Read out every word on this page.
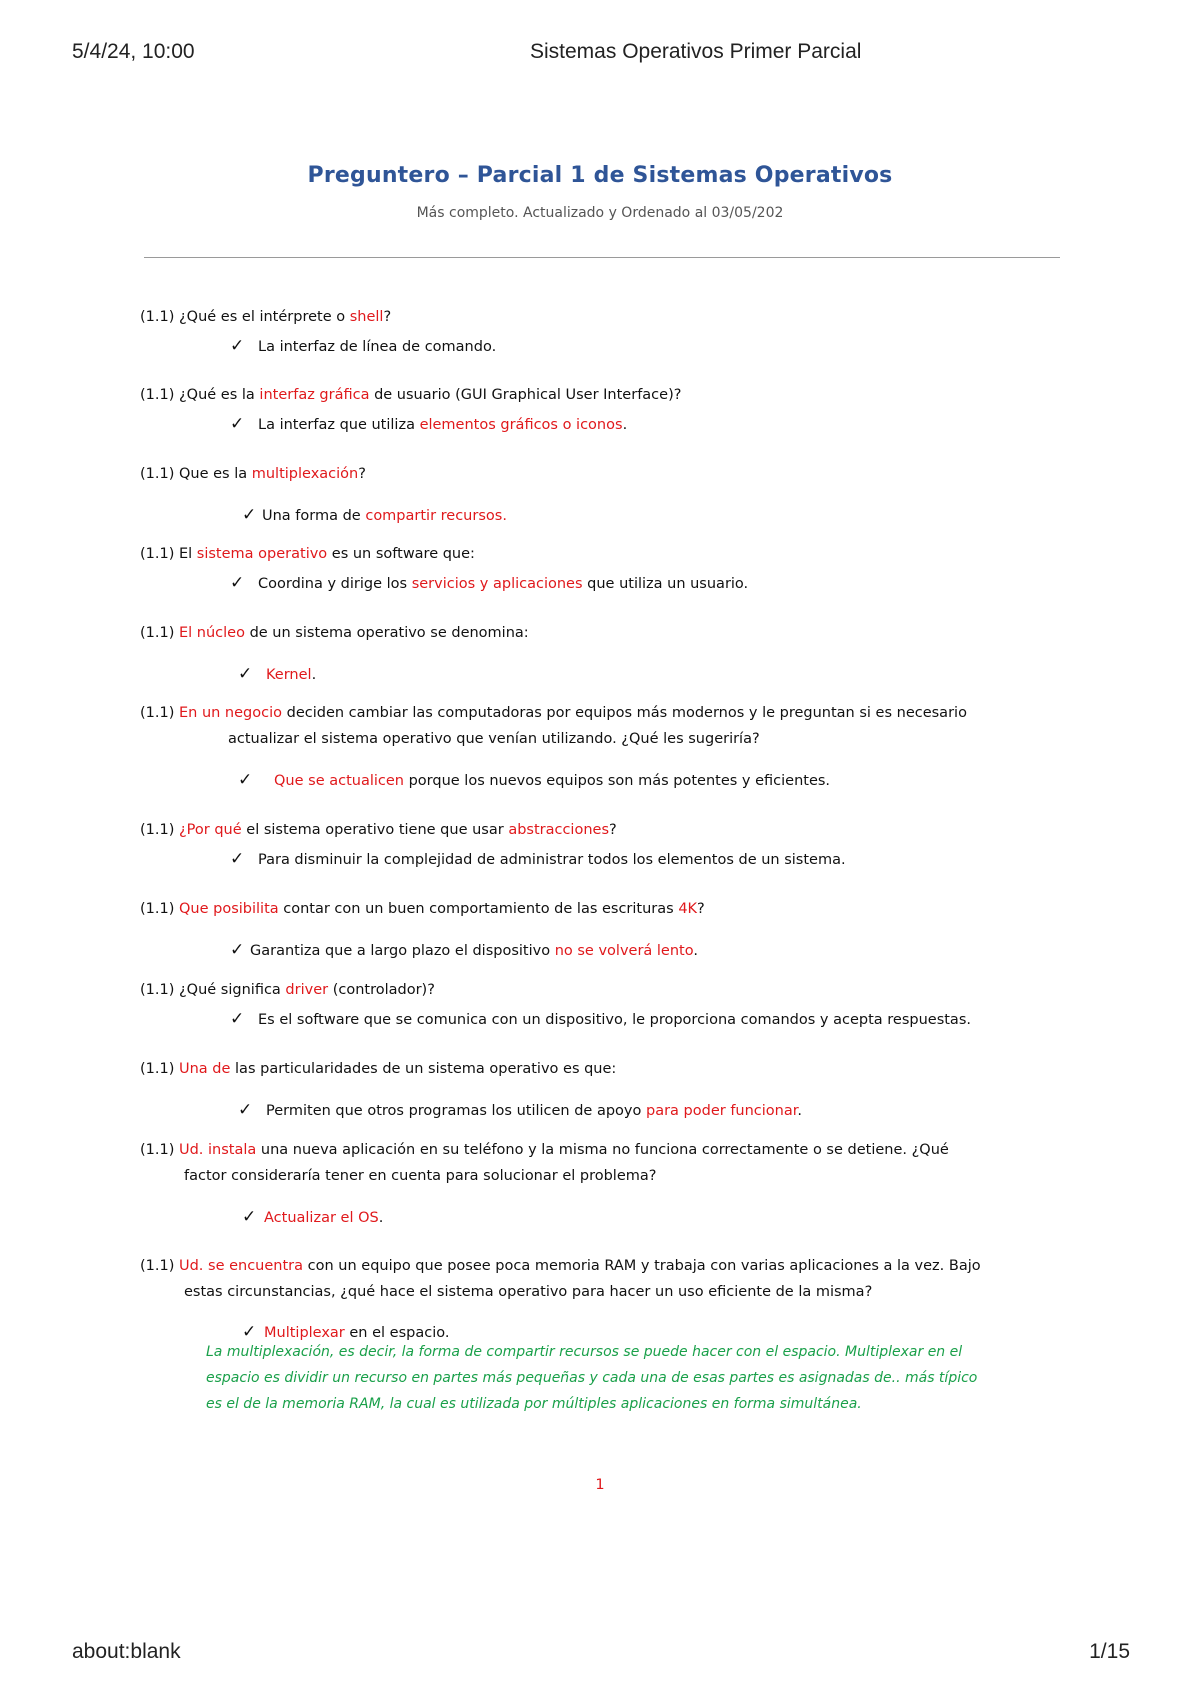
5/4/24, 10:00	Sistemas Operativos Primer Parcial
Preguntero – Parcial 1 de Sistemas Operativos
Más completo. Actualizado y Ordenado al 03/05/202
(1.1) ¿Qué es el intérprete o shell?
✓ La interfaz de línea de comando.
(1.1) ¿Qué es la interfaz gráfica de usuario (GUI Graphical User Interface)?
✓ La interfaz que utiliza elementos gráficos o iconos.
(1.1) Que es la multiplexación?
✓ Una forma de compartir recursos.
(1.1) El sistema operativo es un software que:
✓ Coordina y dirige los servicios y aplicaciones que utiliza un usuario.
(1.1) El núcleo de un sistema operativo se denomina:
✓ Kernel.
(1.1) En un negocio deciden cambiar las computadoras por equipos más modernos y le preguntan si es necesario
actualizar el sistema operativo que venían utilizando. ¿Qué les sugeriría?
✓ Que se actualicen porque los nuevos equipos son más potentes y eficientes.
(1.1) ¿Por qué el sistema operativo tiene que usar abstracciones?
✓ Para disminuir la complejidad de administrar todos los elementos de un sistema.
(1.1) Que posibilita contar con un buen comportamiento de las escrituras 4K?
✓ Garantiza que a largo plazo el dispositivo no se volverá lento.
(1.1) ¿Qué significa driver (controlador)?
✓ Es el software que se comunica con un dispositivo, le proporciona comandos y acepta respuestas.
(1.1) Una de las particularidades de un sistema operativo es que:
✓ Permiten que otros programas los utilicen de apoyo para poder funcionar.
(1.1) Ud. instala una nueva aplicación en su teléfono y la misma no funciona correctamente o se detiene. ¿Qué
factor consideraría tener en cuenta para solucionar el problema?
✓ Actualizar el OS.
(1.1) Ud. se encuentra con un equipo que posee poca memoria RAM y trabaja con varias aplicaciones a la vez. Bajo
estas circunstancias, ¿qué hace el sistema operativo para hacer un uso eficiente de la misma?
✓ Multiplexar en el espacio.
La multiplexación, es decir, la forma de compartir recursos se puede hacer con el espacio. Multiplexar en el
espacio es dividir un recurso en partes más pequeñas y cada una de esas partes es asignadas de.. más típico
es el de la memoria RAM, la cual es utilizada por múltiples aplicaciones en forma simultánea.
1
about:blank	1/15
